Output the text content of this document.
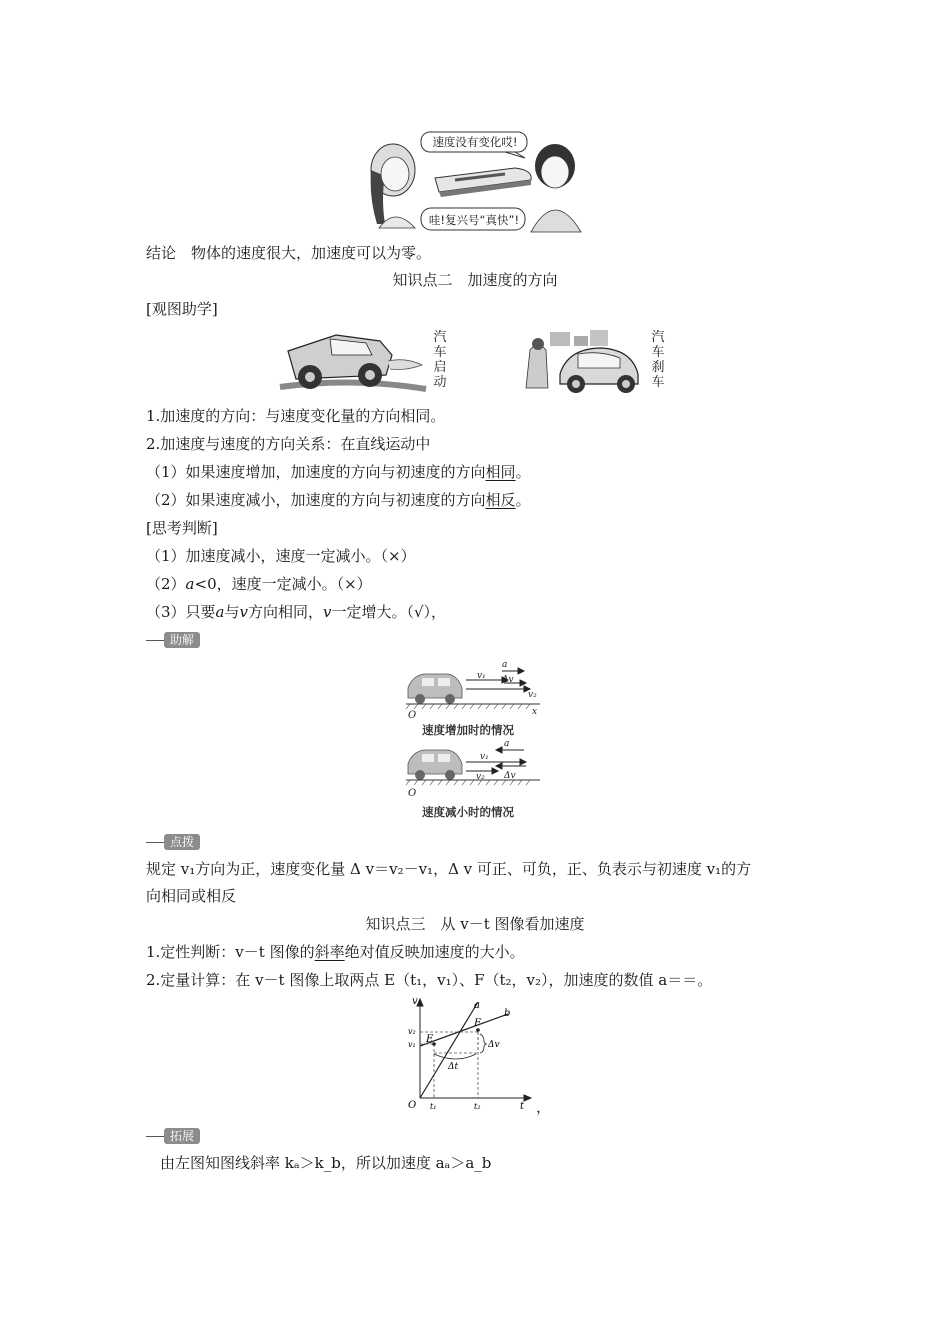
速度没有变化哎!
哇!复兴号“真快”!
结论　物体的速度很大，加速度可以为零。
知识点二　加速度的方向
[观图助学]
汽
车
启
动
汽
车
刹
车
1.加速度的方向：与速度变化量的方向相同。
2.加速度与速度的方向关系：在直线运动中
（1）如果速度增加，加速度的方向与初速度的方向相同。
（2）如果速度减小，加速度的方向与初速度的方向相反。
[思考判断]
（1）加速度减小，速度一定减小。（×）
（2）a<0，速度一定减小。（×）
（3）只要a与v方向相同，v一定增大。（√），
助解
v₁
a
Δv
v₂
x
O
v₁
a
v₂ Δv
O
速度增加时的情况
速度减小时的情况
点拨
规定 v₁方向为正，速度变化量 Δ v＝v₂－v₁，Δ v 可正、可负，正、负表示与初速度 v₁的方
向相同或相反
知识点三　从 v－t 图像看加速度
1.定性判断：v－t 图像的斜率绝对值反映加速度的大小。
2.定量计算：在 v－t 图像上取两点 E（t₁，v₁）、F（t₂，v₂），加速度的数值 a＝＝。
v
v₂
v₁ E
F
a
b
Δv
Δt
O t₁	t₂	t ，
拓展
由左图知图线斜率 kₐ＞k_b，所以加速度 aₐ＞a_b
